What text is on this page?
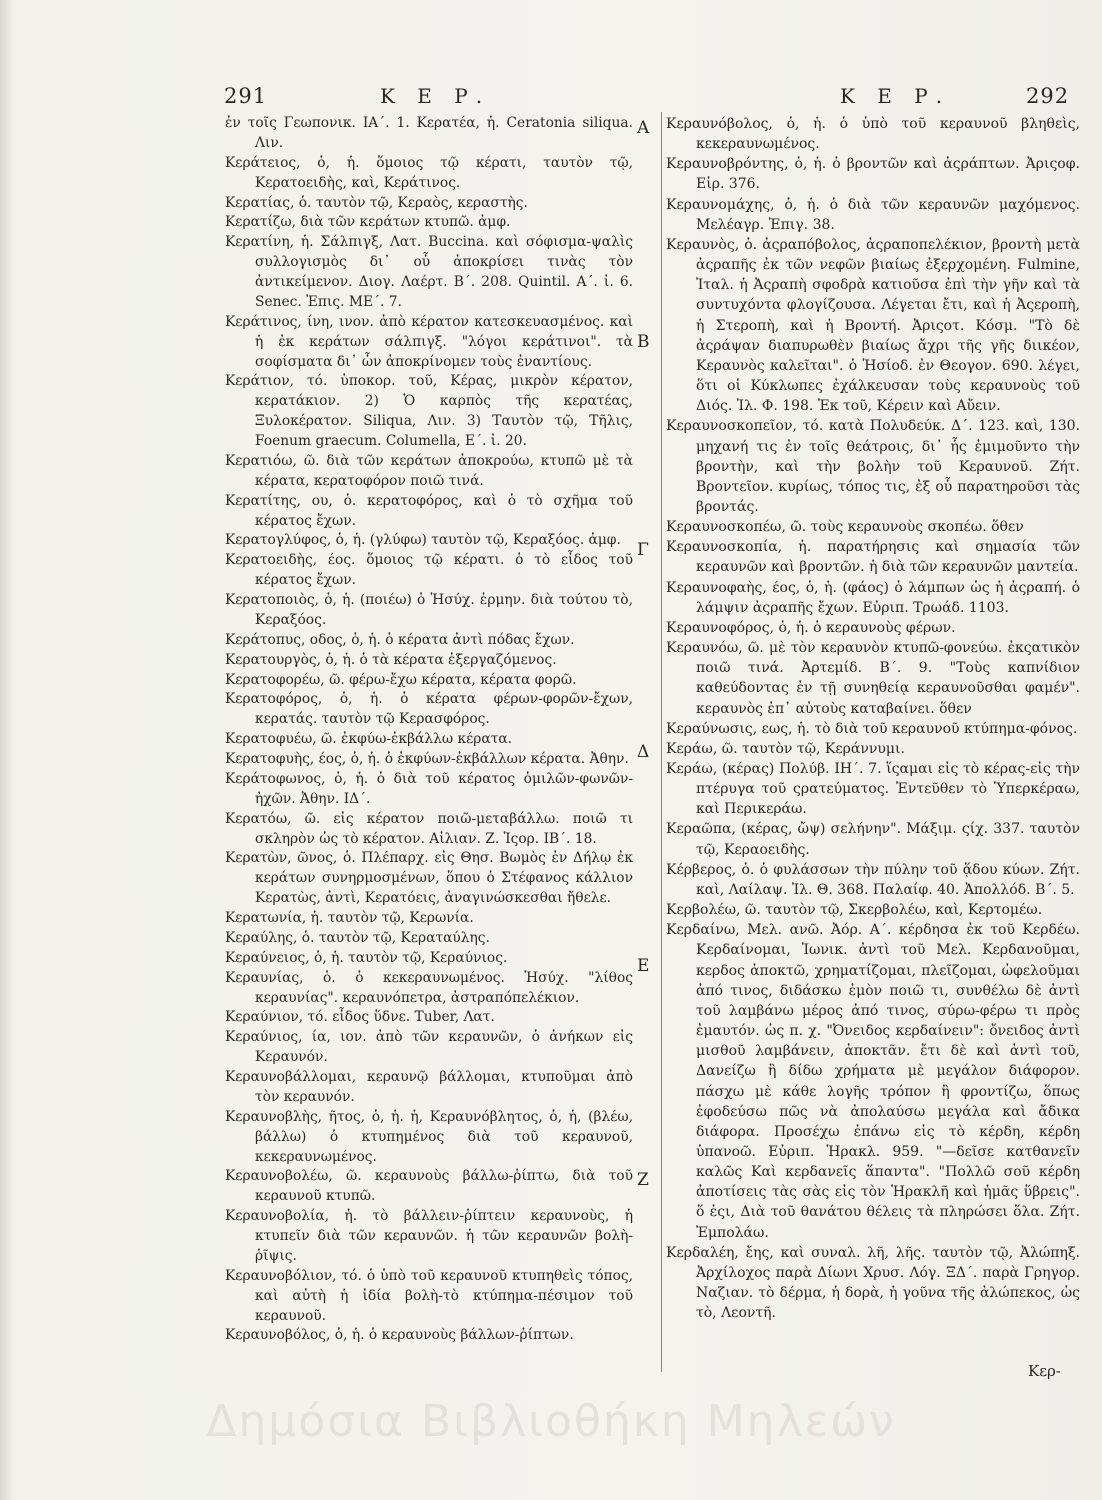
291	Κ Ε Ρ.	Κ Ε Ρ.	292

ἐν τοῖς Γεωπονικ. ΙΑ΄. 1. Κερατέα, ἡ. Ceratonia siliqua. Λιν.

Κεράτειος, ὁ, ἡ. ὅμοιος τῷ κέρατι, ταυτὸν τῷ, Κερατοειδὴς, καὶ, Κεράτινος.

Κερατίας, ὁ. ταυτὸν τῷ, Κεραὸς, κεραστὴς.

Κερατίζω, διὰ τῶν κεράτων κτυπῶ. ἀμφ.

Κερατίνη, ἡ. Σάλπιγξ, Λατ. Buccina. καὶ σόφισμα-ψαλὶς συλλογισμὸς δι᾽ οὗ ἀποκρίσει τινὰς τὸν ἀντικείμενον. Διογ. Λαέρτ. Β΄. 208. Quintil. Α΄. ἰ. 6. Senec. Ἐπις. ΜΕ΄. 7.

Κεράτινος, ίνη, ινον. ἀπὸ κέρατον κατεσκευασμένος. καὶ ἡ ἐκ κεράτων σάλπιγξ. "λόγοι κεράτινοι". τὰ σοφίσματα δι᾽ ὧν ἀποκρίνομεν τοὺς ἐναντίους.

Κεράτιον, τό. ὑποκορ. τοῦ, Κέρας, μικρὸν κέρατον, κερατάκιον. 2) Ὁ καρπὸς τῆς κερατέας, Ξυλοκέρατον. Siliqua, Λιν. 3) Ταυτὸν τῷ, Τῆλις, Foenum graecum. Columella, Ε΄. ἰ. 20.

Κερατιόω, ῶ. διὰ τῶν κεράτων ἀποκρούω, κτυπῶ μὲ τὰ κέρατα, κερατοφόρον ποιῶ τινά.

Κερατίτης, ου, ὁ. κερατοφόρος, καὶ ὁ τὸ σχῆμα τοῦ κέρατος ἔχων.

Κερατογλύφος, ὁ, ἡ. (γλύφω) ταυτὸν τῷ, Κεραξόος. ἀμφ.

Κερατοειδὴς, έος. ὅμοιος τῷ κέρατι. ὁ τὸ εἶδος τοῦ κέρατος ἔχων.

Κερατοποιὸς, ὁ, ἡ. (ποιέω) ὁ Ἡσύχ. ἑρμην. διὰ τούτου τὸ, Κεραξόος.

Κεράτοπυς, οδος, ὁ, ἡ. ὁ κέρατα ἀντὶ πόδας ἔχων.

Κερατουργὸς, ὁ, ἡ. ὁ τὰ κέρατα ἐξεργαζόμενος.

Κερατοφορέω, ῶ. φέρω-ἔχω κέρατα, κέρατα φορῶ.

Κερατοφόρος, ὁ, ἡ. ὁ κέρατα φέρων-φορῶν-ἔχων, κερατάς. ταυτὸν τῷ Κερασφόρος.

Κερατοφυέω, ῶ. ἐκφύω-ἐκβάλλω κέρατα.

Κερατοφυὴς, έος, ὁ, ἡ. ὁ ἐκφύων-ἐκβάλλων κέρατα. Ἀθην.

Κεράτοφωνος, ὁ, ἡ. ὁ διὰ τοῦ κέρατος ὁμιλῶν-φωνῶν-ἠχῶν. Ἀθην. ΙΔ΄.

Κερατόω, ῶ. εἰς κέρατον ποιῶ-μεταβάλλω. ποιῶ τι σκληρὸν ὡς τὸ κέρατον. Αἰλιαν. Ζ. Ἱςορ. ΙΒ΄. 18.

Κερατὼν, ῶνος, ὁ. Πλέπαρχ. εἰς Θησ. Βωμὸς ἐν Δήλῳ ἐκ κεράτων συνηρμοσμένων, ὅπου ὁ Στέφανος κάλλιον Κερατὼς, ἀντὶ, Κερατόεις, ἀναγινώσκεσθαι ἤθελε.

Κερατωνία, ἡ. ταυτὸν τῷ, Κερωνία.

Κεραύλης, ὁ. ταυτὸν τῷ, Κεραταύλης.

Κεραύνειος, ὁ, ἡ. ταυτὸν τῷ, Κεραύνιος.

Κεραυνίας, ὁ. ὁ κεκεραυνωμένος. Ἡσύχ. "λίθος κεραυνίας". κεραυνόπετρα, ἀστραπόπελέκιον.

Κεραύνιον, τό. εἶδος ὕδνε. Tuber, Λατ.

Κεραύνιος, ία, ιον. ἀπὸ τῶν κεραυνῶν, ὁ ἀνήκων εἰς Κεραυνόν.

Κεραυνοβάλλομαι, κεραυνῷ βάλλομαι, κτυποῦμαι ἀπὸ τὸν κεραυνόν.

Κεραυνοβλὴς, ῆτος, ὁ, ἡ. ἡ, Κεραυνόβλητος, ὁ, ἡ, (βλέω, βάλλω) ὁ κτυπημένος διὰ τοῦ κεραυνοῦ, κεκεραυνωμένος.

Κεραυνοβολέω, ῶ. κεραυνοὺς βάλλω-ῥίπτω, διὰ τοῦ κεραυνοῦ κτυπῶ.

Κεραυνοβολία, ἡ. τὸ βάλλειν-ῥίπτειν κεραυνοὺς, ἡ κτυπεῖν διὰ τῶν κεραυνῶν. ἡ τῶν κεραυνῶν βολὴ-ῥῖψις.

Κεραυνοβόλιον, τό. ὁ ὑπὸ τοῦ κεραυνοῦ κτυπηθεὶς τόπος, καὶ αὐτὴ ἡ ἰδία βολὴ-τὸ κτύπημα-πέσιμον τοῦ κεραυνοῦ.

Κεραυνοβόλος, ὁ, ἡ. ὁ κεραυνοὺς βάλλων-ῥίπτων.

Α
Β
Γ
Δ
Ε
Ζ

Κεραυνόβολος, ὁ, ἡ. ὁ ὑπὸ τοῦ κεραυνοῦ βληθεὶς, κεκεραυνωμένος.

Κεραυνοβρόντης, ὁ, ἡ. ὁ βροντῶν καὶ ἀςράπτων. Ἀριςοφ. Εἰρ. 376.

Κεραυνομάχης, ὁ, ἡ. ὁ διὰ τῶν κεραυνῶν μαχόμενος. Μελέαγρ. Ἐπιγ. 38.

Κεραυνὸς, ὁ. ἀςραπόβολος, ἀςραποπελέκιον, βροντὴ μετὰ ἀςραπῆς ἐκ τῶν νεφῶν βιαίως ἐξερχομένη. Fulmine, Ἰταλ. ἡ Ἀςραπὴ σφοδρὰ κατιοῦσα ἐπὶ τὴν γῆν καὶ τὰ συντυχόντα φλογίζουσα. Λέγεται ἔτι, καὶ ἡ Ἀςεροπὴ, ἡ Στεροπὴ, καὶ ἡ Βροντή. Ἀριςοτ. Κόσμ. "Τὸ δὲ ἀςράψαν διαπυρωθὲν βιαίως ἄχρι τῆς γῆς διικέον, Κεραυνὸς καλεῖται". ὁ Ἡσίοδ. ἐν Θεογον. 690. λέγει, ὅτι οἱ Κύκλωπες ἐχάλκευσαν τοὺς κεραυνοὺς τοῦ Διός. Ἰλ. Φ. 198. Ἐκ τοῦ, Κέρειν καὶ Αὔειν.

Κεραυνοσκοπεῖον, τό. κατὰ Πολυδεύκ. Δ΄. 123. καὶ, 130. μηχανή τις ἐν τοῖς θεάτροις, δι᾽ ἧς ἐμιμοῦντο τὴν βροντὴν, καὶ τὴν βολὴν τοῦ Κεραυνοῦ. Ζήτ. Βροντεῖον. κυρίως, τόπος τις, ἐξ οὗ παρατηροῦσι τὰς βροντάς.

Κεραυνοσκοπέω, ῶ. τοὺς κεραυνοὺς σκοπέω. ὅθεν

Κεραυνοσκοπία, ἡ. παρατήρησις καὶ σημασία τῶν κεραυνῶν καὶ βροντῶν. ἡ διὰ τῶν κεραυνῶν μαντεία.

Κεραυνοφαὴς, έος, ὁ, ἡ. (φάος) ὁ λάμπων ὡς ἡ ἀςραπή. ὁ λάμψιν ἀςραπῆς ἔχων. Εὐριπ. Τρωάδ. 1103.

Κεραυνοφόρος, ὁ, ἡ. ὁ κεραυνοὺς φέρων.

Κεραυνόω, ῶ. μὲ τὸν κεραυνὸν κτυπῶ-φονεύω. ἐκςατικὸν ποιῶ τινά. Ἀρτεμίδ. Β΄. 9. "Τοὺς καπνίδιον καθεύδοντας ἐν τῇ συνηθείᾳ κεραυνοῦσθαι φαμέν". κεραυνὸς ἐπ᾽ αὐτοὺς καταβαίνει. ὅθεν

Κεραύνωσις, εως, ἡ. τὸ διὰ τοῦ κεραυνοῦ κτύπημα-φόνος.

Κεράω, ῶ. ταυτὸν τῷ, Κεράννυμι.

Κεράω, (κέρας) Πολύβ. ΙΗ΄. 7. ἵςαμαι εἰς τὸ κέρας-εἰς τὴν πτέρυγα τοῦ ςρατεύματος. Ἐντεῦθεν τὸ Ὑπερκέραω, καὶ Περικεράω.

Κεραῶπα, (κέρας, ὤψ) σελήνην". Μάξιμ. ςίχ. 337. ταυτὸν τῷ, Κεραοειδὴς.

Κέρβερος, ὁ. ὁ φυλάσσων τὴν πύλην τοῦ ᾅδου κύων. Ζήτ. καὶ, Λαίλαψ. Ἰλ. Θ. 368. Παλαίφ. 40. Ἀπολλόδ. Β΄. 5.

Κερβολέω, ῶ. ταυτὸν τῷ, Σκερβολέω, καὶ, Κερτομέω.

Κερδαίνω, Μελ. ανῶ. Ἀόρ. Α΄. κέρδησα ἐκ τοῦ Κερδέω. Κερδαίνομαι, Ἰωνικ. ἀντὶ τοῦ Μελ. Κερδανοῦμαι, κερδος ἀποκτῶ, χρηματίζομαι, πλεῖζομαι, ὠφελοῦμαι ἀπό τινος, διδάσκω ἐμὸν ποιῶ τι, συνθέλω δὲ ἀντὶ τοῦ λαμβάνω μέρος ἀπό τινος, σύρω-φέρω τι πρὸς ἐμαυτόν. ὡς π. χ. "Ὀνειδος κερδαίνειν": ὄνειδος ἀντὶ μισθοῦ λαμβάνειν, ἀποκτᾶν. ἔτι δὲ καὶ ἀντὶ τοῦ, Δανείζω ἢ δίδω χρήματα μὲ μεγάλον διάφορον. πάσχω μὲ κάθε λογῆς τρόπον ἢ φροντίζω, ὅπως ἐφοδεύσω πῶς νὰ ἀπολαύσω μεγάλα καὶ ἄδικα διάφορα. Προσέχω ἐπάνω εἰς τὸ κέρδη, κέρδη ὑπανοῶ. Εὐριπ. Ἡρακλ. 959. "—δεῖσε κατθανεῖν καλῶς Καὶ κερδανεῖς ἅπαντα". "Πολλῶ σοῦ κέρδη ἀποτίσεις τὰς σὰς εἰς τὸν Ἡρακλῆ καὶ ἡμᾶς ὕβρεις". ὅ ἐςι, Διὰ τοῦ θανάτου θέλεις τὰ πληρώσει ὅλα. Ζήτ. Ἐμπολάω.

Κερδαλέη, ἔης, καὶ συναλ. λῆ, λῆς. ταυτὸν τῷ, Ἀλώπηξ. Ἀρχίλοχος παρὰ Δίωνι Χρυσ. Λόγ. ΞΔ΄. παρὰ Γρηγορ. Ναζιαν. τὸ δέρμα, ἡ δορὰ, ἡ γοῦνα τῆς ἀλώπεκος, ὡς τὸ, Λεοντῆ.

Κερ-
Δημόσια Βιβλιοθήκη Μηλεών
